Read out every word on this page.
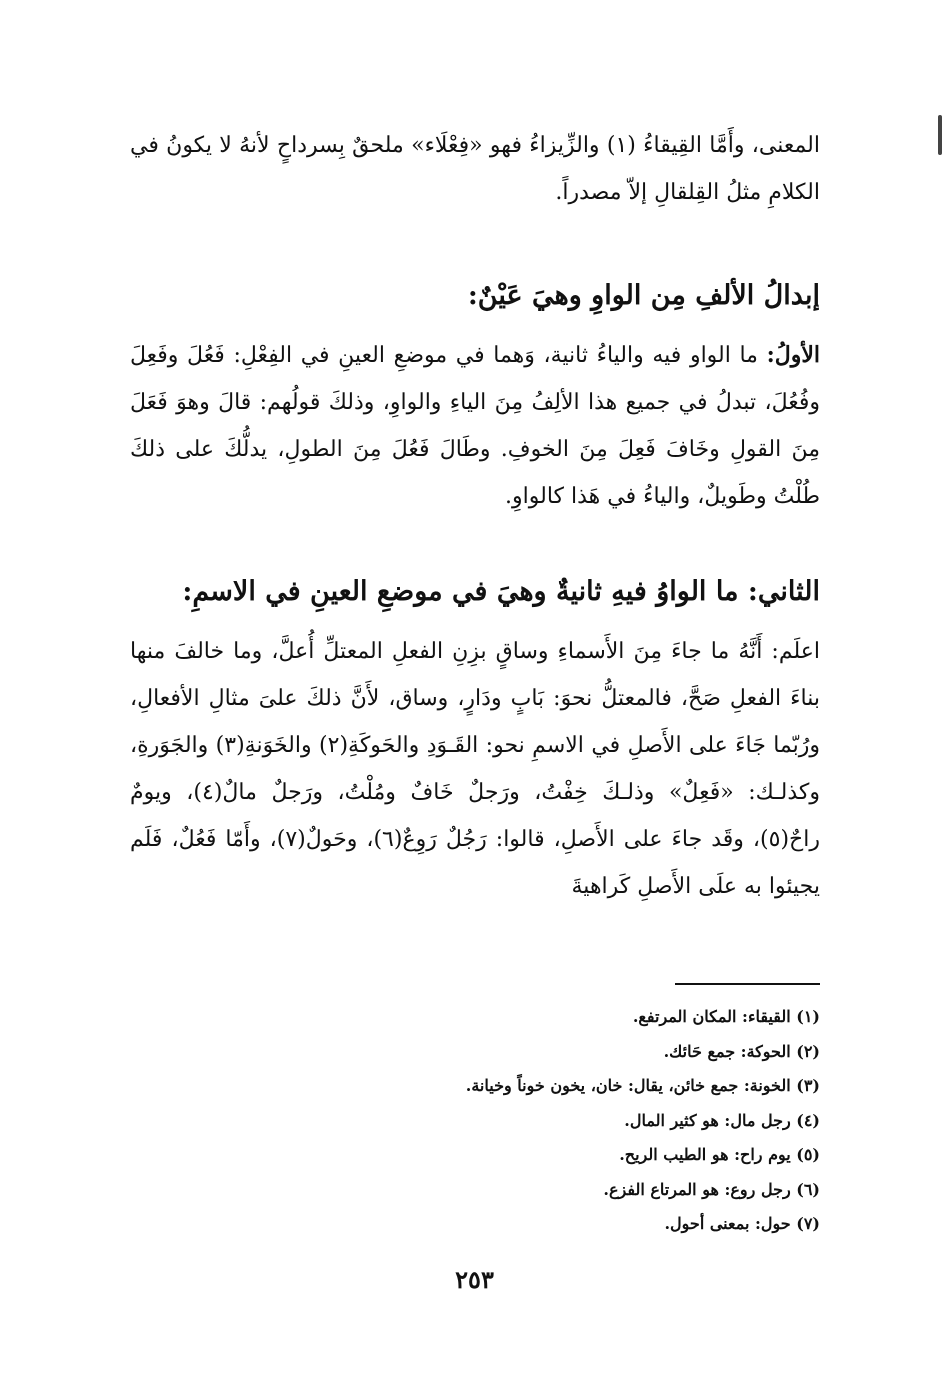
المعنى، وأَمَّا القِيقاءُ (١) والزِّيزاءُ فهو «فِعْلَاء» ملحقٌ بِسرداحٍ لأنهُ لا يكونُ في الكلامِ مثلُ القِلقالِ إلاّ مصدراً.

إبدالُ الألفِ مِن الواوِ وهيَ عَيْنٌ:

الأولُ: ما الواو فيه والياءُ ثانية، وَهما في موضعِ العينِ في الفِعْلِ: فَعُلَ وفَعِلَ وفُعُلَ، تبدلُ في جميع هذا الألِفُ مِنَ الياءِ والواوِ، وذلكَ قولُهم: قالَ وهوَ فَعَلَ مِنَ القولِ وخَافَ فَعِلَ مِنَ الخوفِ. وطَالَ فَعُلَ مِنَ الطولِ، يدلُّكَ على ذلكَ طُلْتُ وطَويلٌ، والياءُ في هَذا كالواوِ.

الثاني: ما الواوُ فيهِ ثانيةٌ وهيَ في موضعِ العينِ في الاسمِ:

اعلَم: أَنَّهُ ما جاءَ مِنَ الأَسماءِ وساقٍ بزِنِ الفعلِ المعتلِّ أُعلَّ، وما خالفَ منها بناءَ الفعلِ صَحَّ، فالمعتلُّ نحوَ: بَابٍ ودَارٍ، وساق، لأَنَّ ذلكَ علىَ مثالِ الأفعالِ، ورُبّما جَاءَ على الأَصلِ في الاسمِ نحو: القَـوَدِ والحَوكَةِ(٢) والخَوَنةِ(٣) والجَوَرةِ، وكذلـك: «فَعِلٌ» وذلـكَ خِفْتُ، ورَجلٌ خَافٌ ومُلْتُ، ورَجلٌ مالٌ(٤)، ويومٌ راحٌ(٥)، وقَد جاءَ على الأَصلِ، قالوا: رَجُلٌ رَوِعٌ(٦)، وحَولٌ(٧)، وأَمّا فَعُلٌ، فَلَم يجيئوا به علَى الأَصلِ كَراهيةَ

(١) القيقاء: المكان المرتفع.
(٢) الحوكة: جمع حَائك.
(٣) الخونة: جمع خائن، يقال: خان، يخون خوناً وخيانة.
(٤) رجل مال: هو كثير المال.
(٥) يوم راح: هو الطيب الريح.
(٦) رجل روع: هو المرتاع الفزع.
(٧) حول: بمعنى أحول.
٢٥٣
